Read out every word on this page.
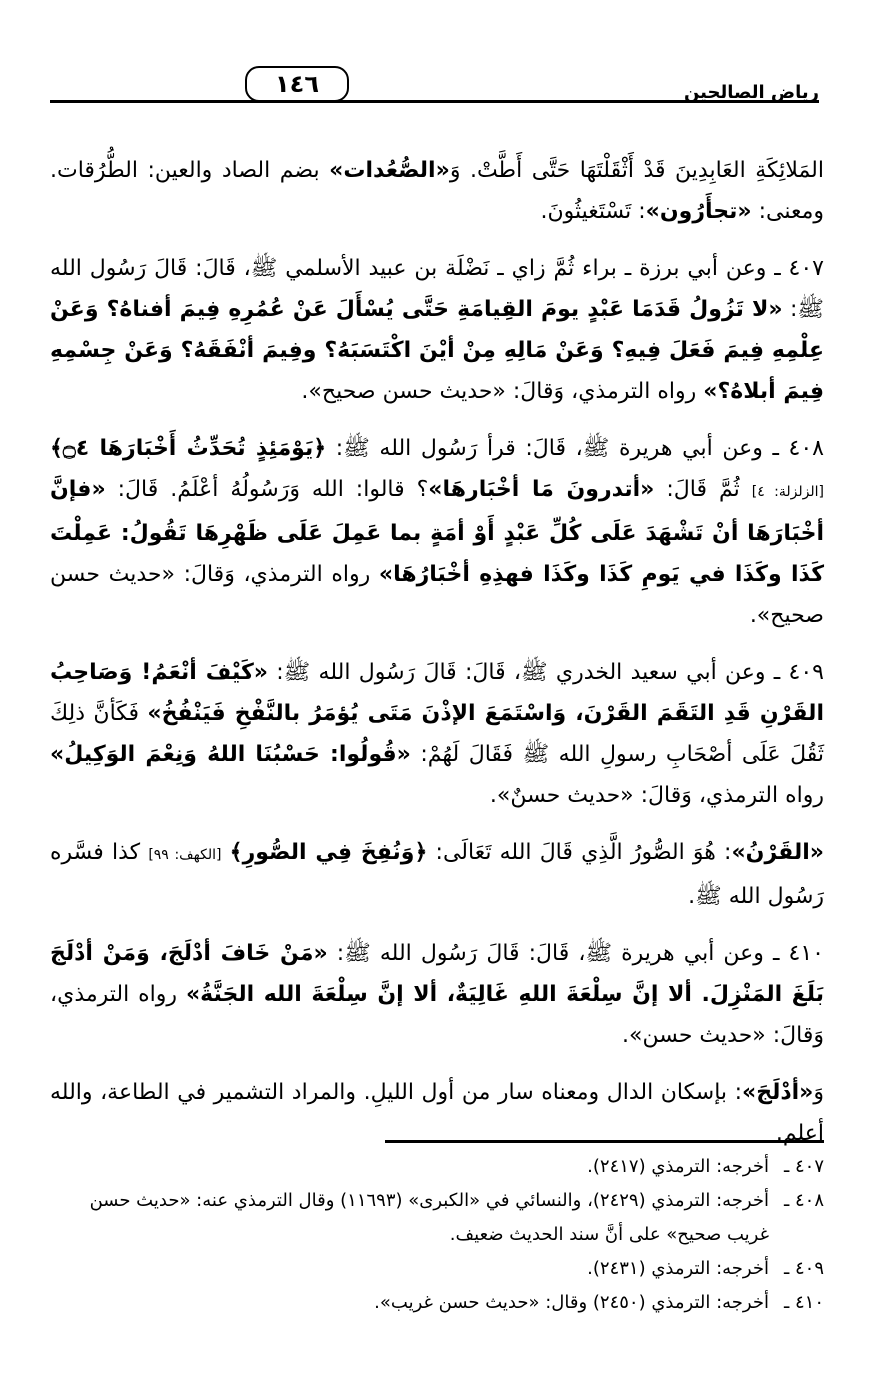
رياض الصالحين
١٤٦

المَلائِكَةِ العَابِدِينَ قَدْ أَثْقَلْتَهَا حَتَّى أَطَّتْ. وَ«الصُّعُدات» بضم الصاد والعين: الطُّرُقات. ومعنى: «تجأَرُون»: تَسْتَغيثُونَ.

٤٠٧ ـ وعن أبي برزة ـ براء ثُمَّ زاي ـ نَضْلَة بن عبيد الأسلمي ﷺ، قَالَ: قَالَ رَسُول الله ﷺ: «لا تَزُولُ قَدَمَا عَبْدٍ يومَ القِيامَةِ حَتَّى يُسْأَلَ عَنْ عُمُرِهِ فِيمَ أفناهُ؟ وَعَنْ عِلْمِهِ فِيمَ فَعَلَ فِيهِ؟ وَعَنْ مَالِهِ مِنْ أيْنَ اكْتَسَبَهُ؟ وفِيمَ أنْفَقَهُ؟ وَعَنْ جِسْمِهِ فِيمَ أبلاهُ؟» رواه الترمذي، وَقالَ: «حديث حسن صحيح».

٤٠٨ ـ وعن أبي هريرة ﷺ، قَالَ: قرأ رَسُول الله ﷺ: ﴿يَوْمَئِذٍ تُحَدِّثُ أَخْبَارَهَا ۝٤﴾ [الزلزلة: ٤] ثُمَّ قَالَ: «أتدرونَ مَا أخْبَارهَا»؟ قالوا: الله وَرَسُولُهُ أعْلَمُ. قَالَ: «فإنَّ أخْبَارَهَا أنْ تَشْهَدَ عَلَى كُلِّ عَبْدٍ أَوْ أمَةٍ بما عَمِلَ عَلَى ظَهْرِهَا تَقُولُ: عَمِلْتَ كَذَا وكَذَا في يَومِ كَذَا وكَذَا فهذِهِ أخْبَارُهَا» رواه الترمذي، وَقالَ: «حديث حسن صحيح».

٤٠٩ ـ وعن أبي سعيد الخدري ﷺ، قَالَ: قَالَ رَسُول الله ﷺ: «كَيْفَ أنْعَمُ! وَصَاحِبُ القَرْنِ قَدِ التَقَمَ القَرْنَ، وَاسْتَمَعَ الإذْنَ مَتَى يُؤمَرُ بالنَّفْخِ فَيَنْفُخُ» فَكَأنَّ ذلِكَ ثَقُلَ عَلَى أصْحَابِ رسولِ الله ﷺ فَقَالَ لَهُمْ: «قُولُوا: حَسْبُنَا اللهُ وَنِعْمَ الوَكِيلُ» رواه الترمذي، وَقالَ: «حديث حسنٌ».

«القَرْنُ»: هُوَ الصُّورُ الَّذِي قَالَ الله تَعَالَى: ﴿وَنُفِخَ فِي الصُّورِ﴾ [الكهف: ٩٩] كذا فسَّره رَسُول الله ﷺ.

٤١٠ ـ وعن أبي هريرة ﷺ، قَالَ: قَالَ رَسُول الله ﷺ: «مَنْ خَافَ أدْلَجَ، وَمَنْ أدْلَجَ بَلَغَ المَنْزِلَ. ألا إنَّ سِلْعَةَ اللهِ غَالِيَةٌ، ألا إنَّ سِلْعَةَ الله الجَنَّةُ» رواه الترمذي، وَقالَ: «حديث حسن».

وَ«أدْلَجَ»: بإسكان الدال ومعناه سار من أول الليلِ. والمراد التشمير في الطاعة، والله أعلم.

٤٠٧ ـ
أخرجه: الترمذي (٢٤١٧).
٤٠٨ ـ
أخرجه: الترمذي (٢٤٢٩)، والنسائي في «الكبرى» (١١٦٩٣) وقال الترمذي عنه: «حديث حسن غريب صحيح» على أنَّ سند الحديث ضعيف.
٤٠٩ ـ
أخرجه: الترمذي (٢٤٣١).
٤١٠ ـ
أخرجه: الترمذي (٢٤٥٠) وقال: «حديث حسن غريب».
